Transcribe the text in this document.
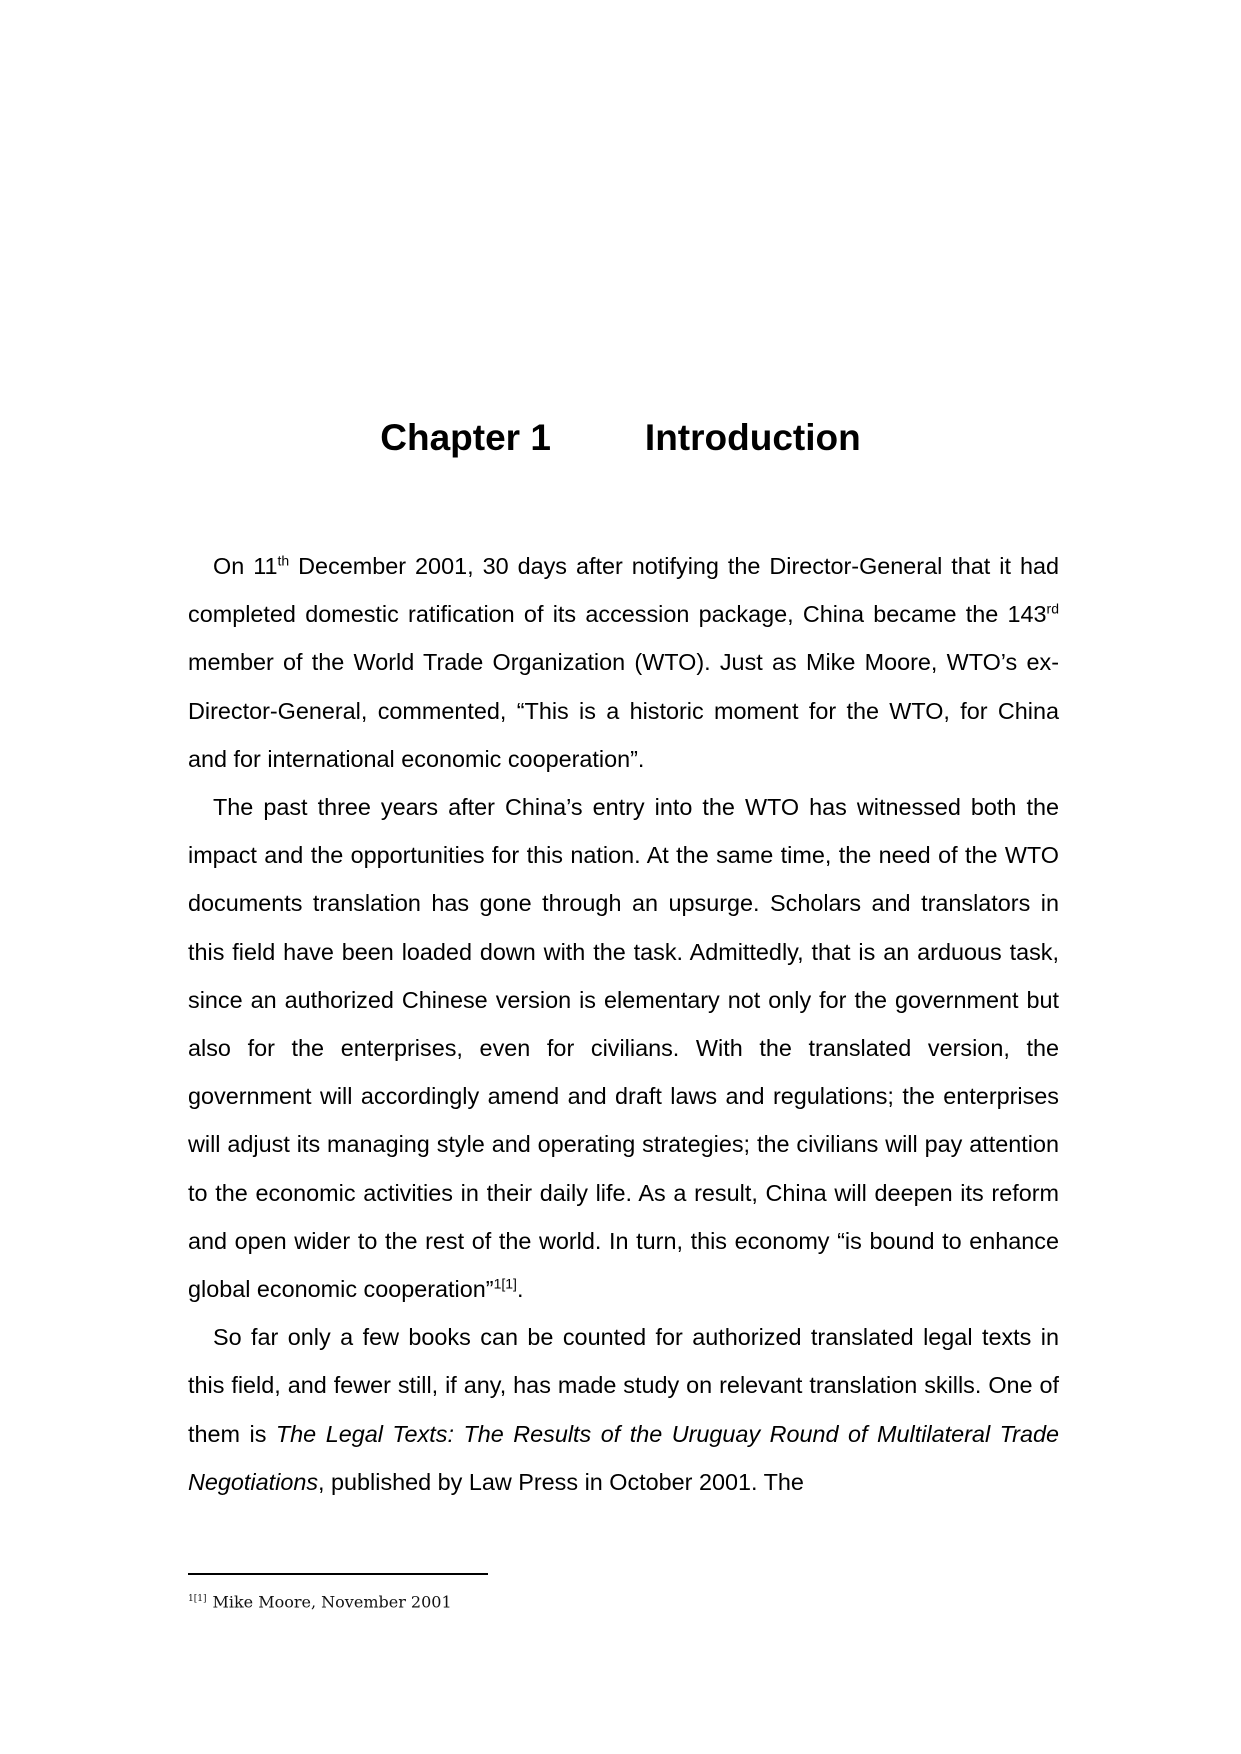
Chapter 1	Introduction

On 11th December 2001, 30 days after notifying the Director-General that it had completed domestic ratification of its accession package, China became the 143rd member of the World Trade Organization (WTO). Just as Mike Moore, WTO’s ex-Director-General, commented, “This is a historic moment for the WTO, for China and for international economic cooperation”.

The past three years after China’s entry into the WTO has witnessed both the impact and the opportunities for this nation. At the same time, the need of the WTO documents translation has gone through an upsurge. Scholars and translators in this field have been loaded down with the task. Admittedly, that is an arduous task, since an authorized Chinese version is elementary not only for the government but also for the enterprises, even for civilians. With the translated version, the government will accordingly amend and draft laws and regulations; the enterprises will adjust its managing style and operating strategies; the civilians will pay attention to the economic activities in their daily life. As a result, China will deepen its reform and open wider to the rest of the world. In turn, this economy “is bound to enhance global economic cooperation”$^{1[1]}$.

So far only a few books can be counted for authorized translated legal texts in this field, and fewer still, if any, has made study on relevant translation skills. One of them is The Legal Texts: The Results of the Uruguay Round of Multilateral Trade Negotiations, published by Law Press in October 2001. The

$^{1[1]}$ Mike Moore, November 2001
